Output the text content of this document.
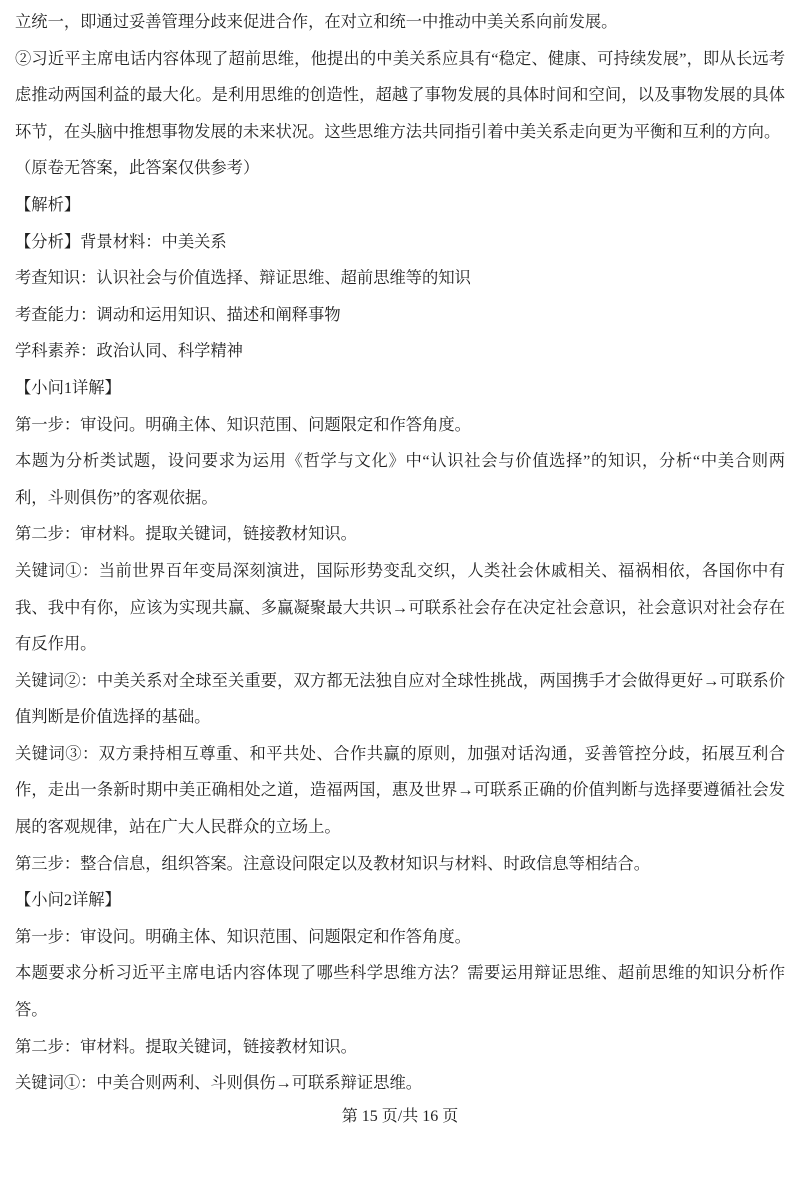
立统一，即通过妥善管理分歧来促进合作，在对立和统一中推动中美关系向前发展。

②习近平主席电话内容体现了超前思维，他提出的中美关系应具有“稳定、健康、可持续发展”，即从长远考虑推动两国利益的最大化。是利用思维的创造性，超越了事物发展的具体时间和空间，以及事物发展的具体环节，在头脑中推想事物发展的未来状况。这些思维方法共同指引着中美关系走向更为平衡和互利的方向。

（原卷无答案，此答案仅供参考）

【解析】

【分析】背景材料：中美关系

考查知识：认识社会与价值选择、辩证思维、超前思维等的知识

考查能力：调动和运用知识、描述和阐释事物

学科素养：政治认同、科学精神

【小问1详解】

第一步：审设问。明确主体、知识范围、问题限定和作答角度。

本题为分析类试题，设问要求为运用《哲学与文化》中“认识社会与价值选择”的知识，分析“中美合则两利，斗则俱伤”的客观依据。

第二步：审材料。提取关键词，链接教材知识。

关键词①：当前世界百年变局深刻演进，国际形势变乱交织，人类社会休戚相关、福祸相依，各国你中有我、我中有你，应该为实现共赢、多赢凝聚最大共识→可联系社会存在决定社会意识，社会意识对社会存在有反作用。

关键词②：中美关系对全球至关重要，双方都无法独自应对全球性挑战，两国携手才会做得更好→可联系价值判断是价值选择的基础。

关键词③：双方秉持相互尊重、和平共处、合作共赢的原则，加强对话沟通，妥善管控分歧，拓展互利合作，走出一条新时期中美正确相处之道，造福两国，惠及世界→可联系正确的价值判断与选择要遵循社会发展的客观规律，站在广大人民群众的立场上。

第三步：整合信息，组织答案。注意设问限定以及教材知识与材料、时政信息等相结合。

【小问2详解】

第一步：审设问。明确主体、知识范围、问题限定和作答角度。

本题要求分析习近平主席电话内容体现了哪些科学思维方法？需要运用辩证思维、超前思维的知识分析作答。

第二步：审材料。提取关键词，链接教材知识。

关键词①：中美合则两利、斗则俱伤→可联系辩证思维。

第 15 页/共 16 页
